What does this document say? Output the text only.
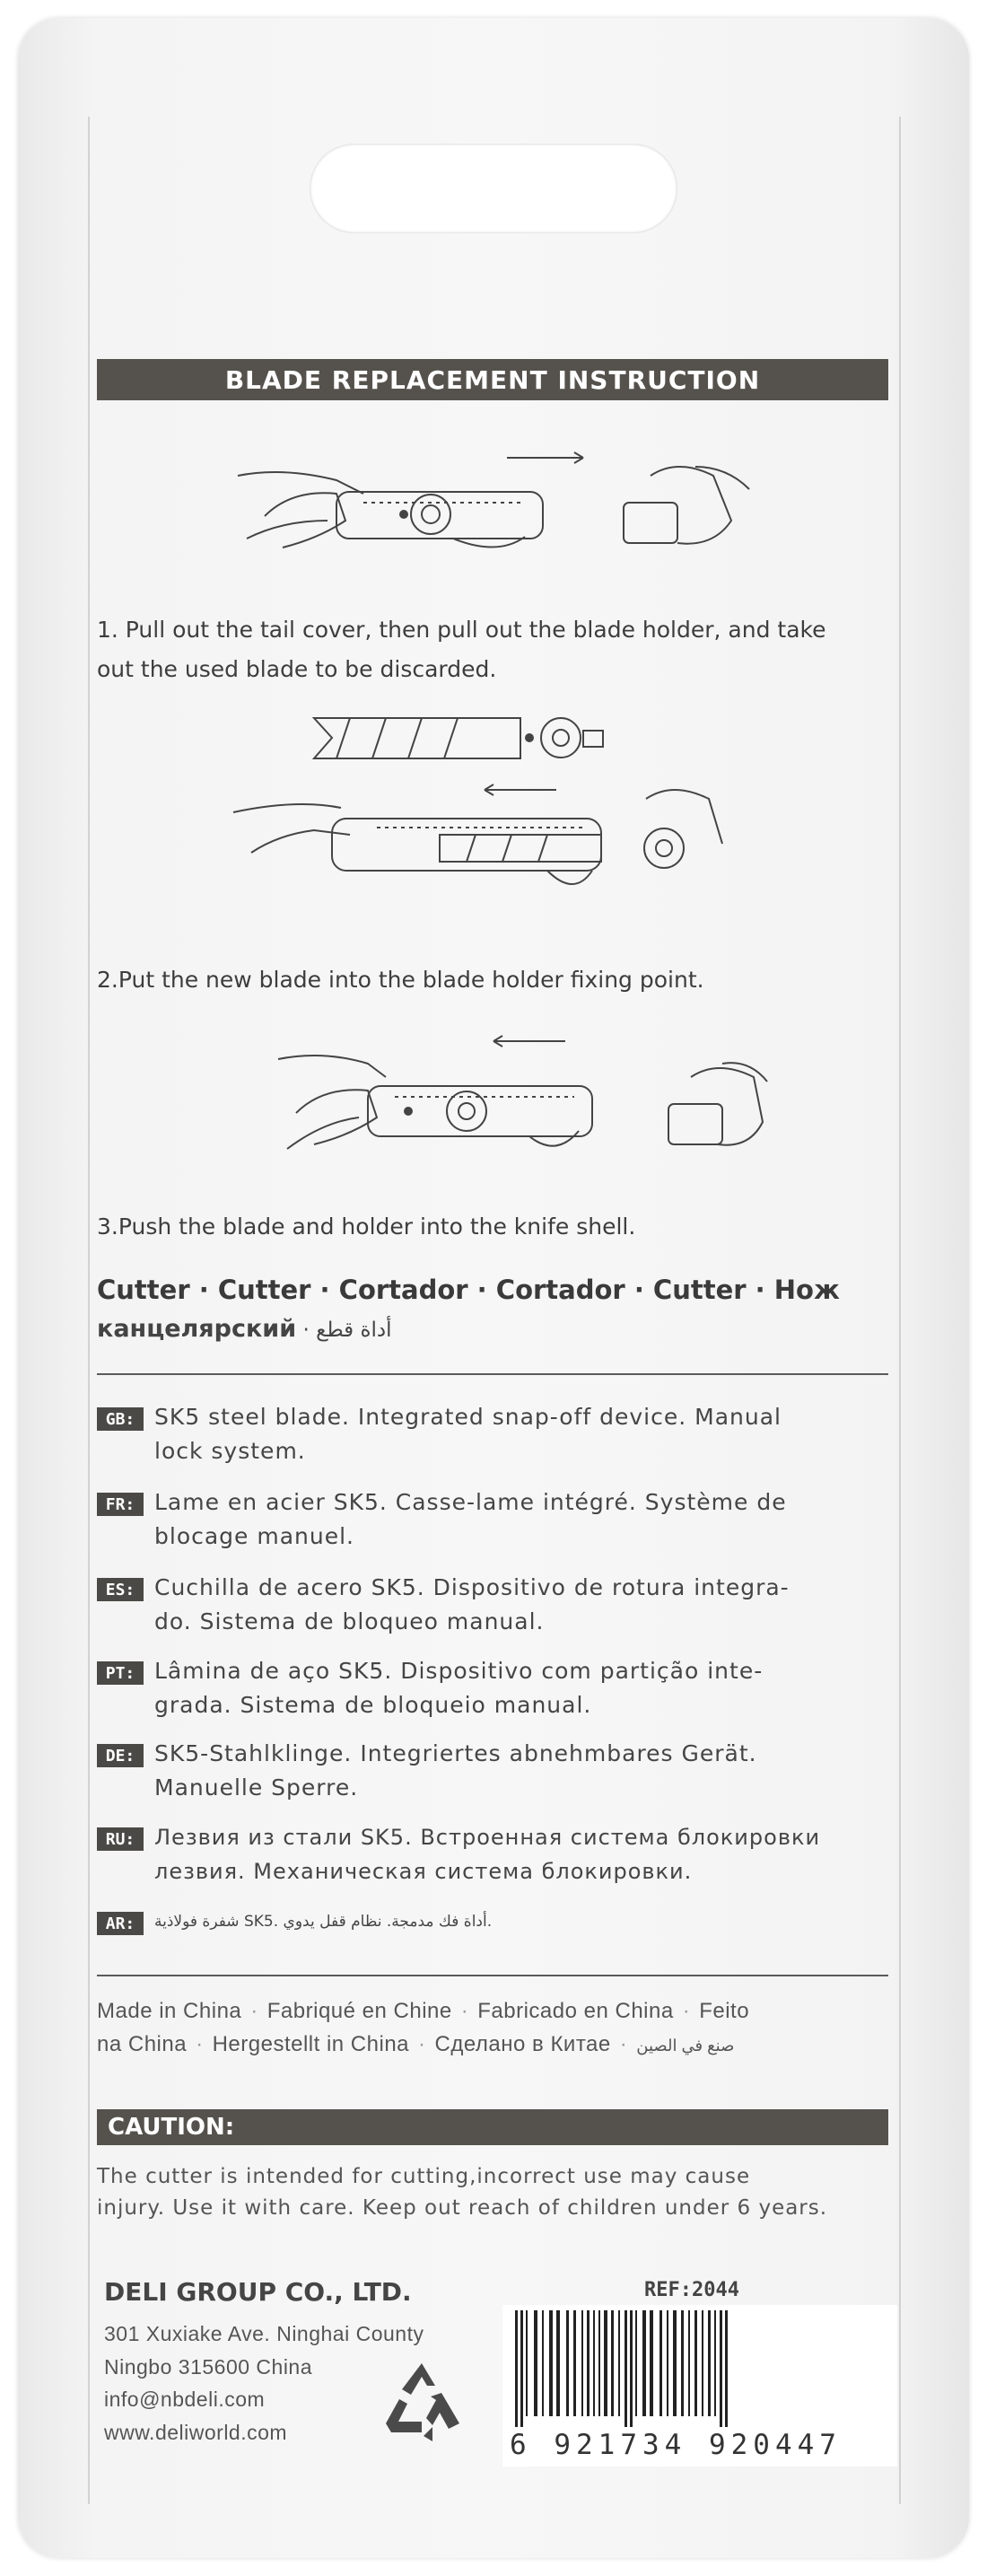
BLADE REPLACEMENT INSTRUCTION
1. Pull out the tail cover, then pull out the blade holder, and take
out the used blade to be discarded.
2.Put the new blade into the blade holder fixing point.
3.Push the blade and holder into the knife shell.
Cutter · Cutter · Cortador · Cortador · Cutter · Нож
канцелярский · أداة قطع
GB: SK5 steel blade. Integrated snap-off device. Manual
lock system.
FR: Lame en acier SK5. Casse-lame intégré. Système de
blocage manuel.
ES: Cuchilla de acero SK5. Dispositivo de rotura integra-
do. Sistema de bloqueo manual.
PT: Lâmina de aço SK5. Dispositivo com partição inte-
grada. Sistema de bloqueio manual.
DE: SK5-Stahlklinge. Integriertes abnehmbares Gerät.
Manuelle Sperre.
RU: Лезвия из стали SK5. Встроенная система блокировки
лезвия. Механическая система блокировки.
AR:	شفرة فولاذية SK5. أداة فك مدمجة. نظام قفل يدوي.
Made in China · Fabriqué en Chine · Fabricado en China · Feito
na China · Hergestellt in China · Сделано в Китае · صنع في الصين
CAUTION:
The cutter is intended for cutting,incorrect use may cause
injury. Use it with care. Keep out reach of children under 6 years.
DELI GROUP CO., LTD.
301 Xuxiake Ave. Ninghai County
Ningbo 315600 China
info@nbdeli.com
www.deliworld.com
REF:2044
6 921734 920447
